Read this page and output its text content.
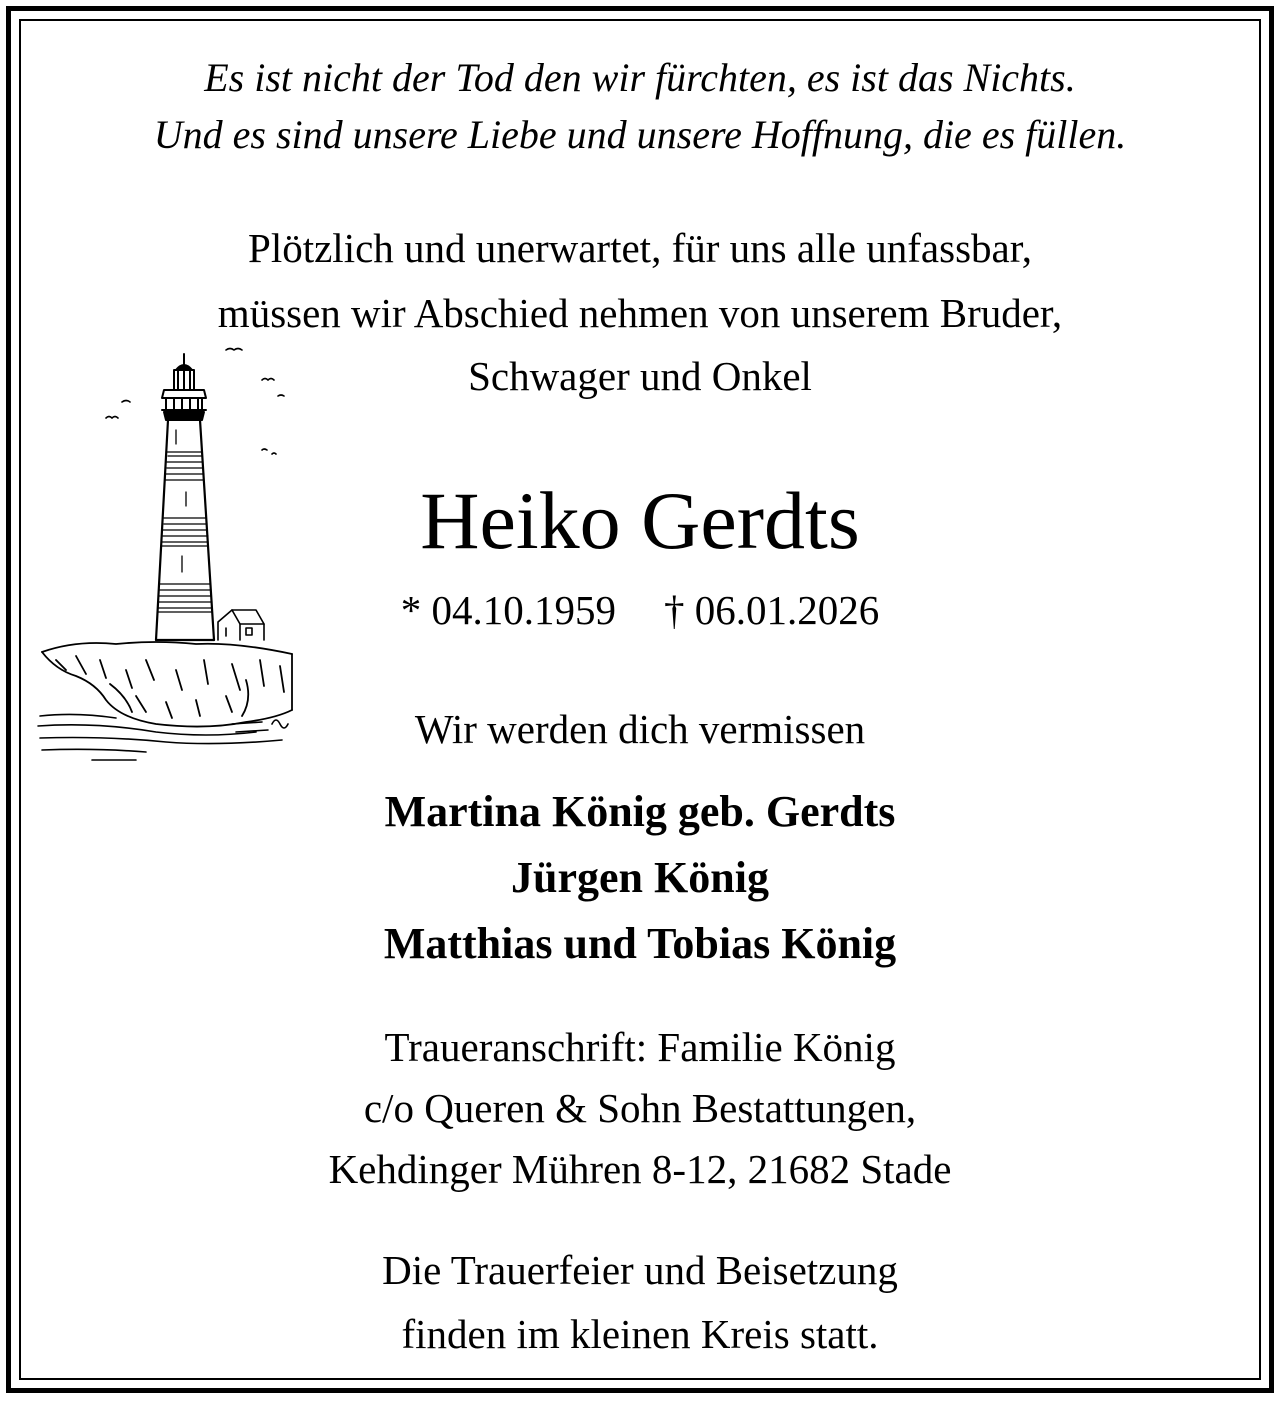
Es ist nicht der Tod den wir fürchten, es ist das Nichts.
Und es sind unsere Liebe und unsere Hoffnung, die es füllen.
Plötzlich und unerwartet, für uns alle unfassbar,
müssen wir Abschied nehmen von unserem Bruder,
Schwager und Onkel
Heiko Gerdts
* 04.10.1959 † 06.01.2026
Wir werden dich vermissen
Martina König geb. Gerdts
Jürgen König
Matthias und Tobias König
Traueranschrift: Familie König
c/o Queren & Sohn Bestattungen,
Kehdinger Mühren 8-12, 21682 Stade
Die Trauerfeier und Beisetzung
finden im kleinen Kreis statt.
